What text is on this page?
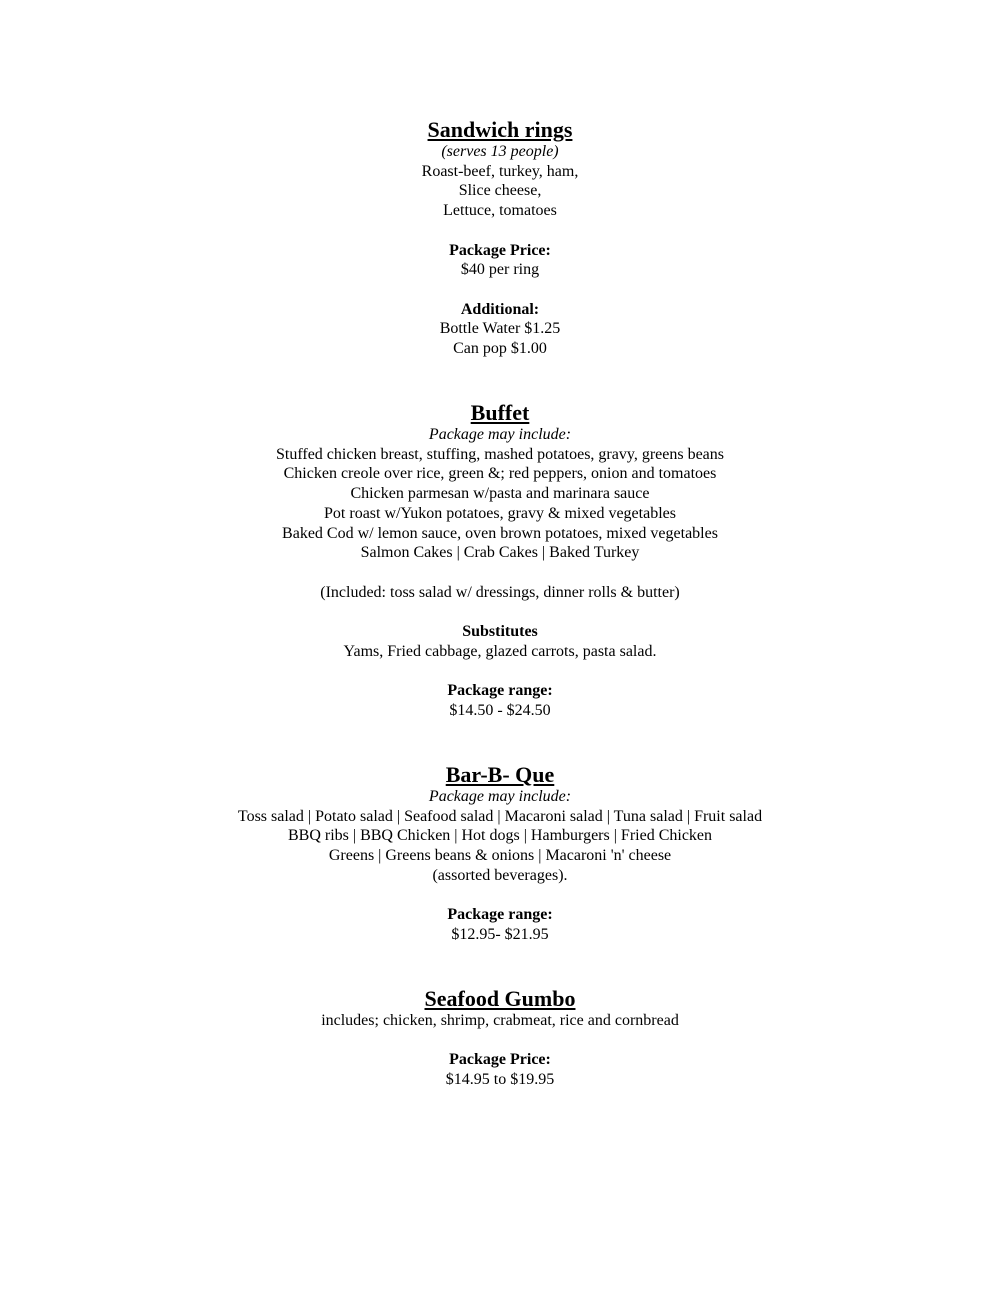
Sandwich rings
(serves 13 people)
Roast-beef, turkey, ham,
Slice cheese,
Lettuce, tomatoes
Package Price:
$40 per ring
Additional:
Bottle Water $1.25
Can pop $1.00
Buffet
Package may include:
Stuffed chicken breast, stuffing, mashed potatoes, gravy, greens beans
Chicken creole over rice, green &; red peppers, onion and tomatoes
Chicken parmesan w/pasta and marinara sauce
Pot roast w/Yukon potatoes, gravy & mixed vegetables
Baked Cod w/ lemon sauce, oven brown potatoes, mixed vegetables
Salmon Cakes | Crab Cakes | Baked Turkey
(Included: toss salad w/ dressings, dinner rolls & butter)
Substitutes
Yams, Fried cabbage, glazed carrots, pasta salad.
Package range:
$14.50 - $24.50
Bar-B- Que
Package may include:
Toss salad | Potato salad | Seafood salad | Macaroni salad | Tuna salad | Fruit salad
BBQ ribs | BBQ Chicken | Hot dogs | Hamburgers | Fried Chicken
Greens | Greens beans & onions | Macaroni 'n' cheese
(assorted beverages).
Package range:
$12.95- $21.95
Seafood Gumbo
includes; chicken, shrimp, crabmeat, rice and cornbread
Package Price:
$14.95 to $19.95
